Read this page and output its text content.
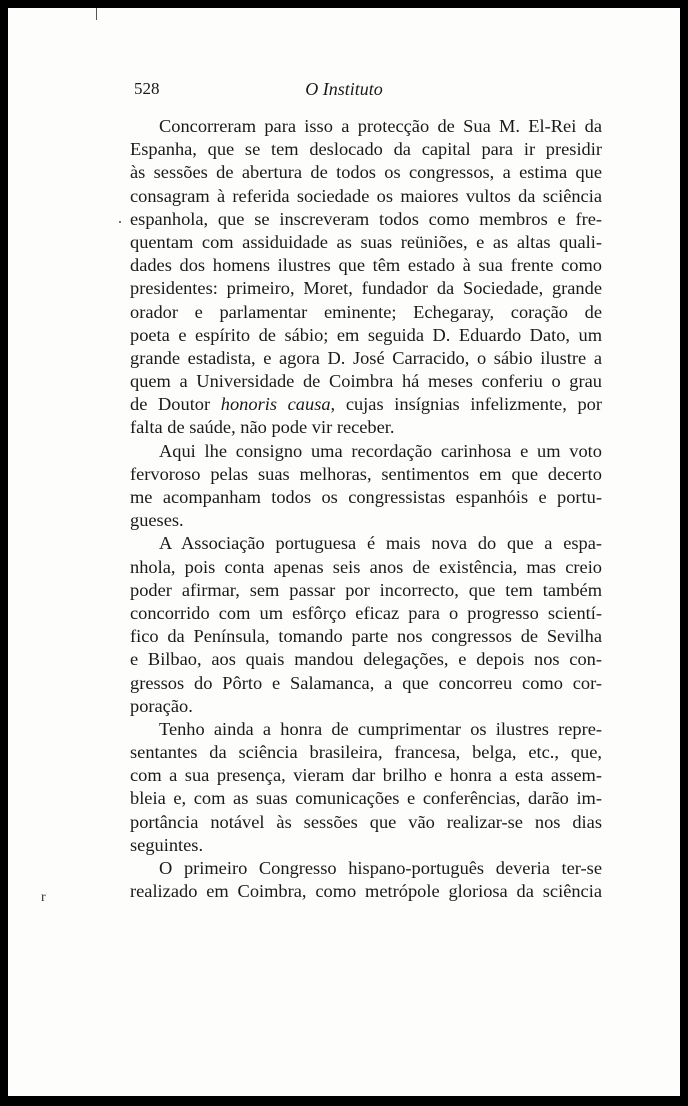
528	O Instituto
Concorreram para isso a protecção de Sua M. El-Rei da
Espanha, que se tem deslocado da capital para ir presidir
às sessões de abertura de todos os congressos, a estima que
consagram à referida sociedade os maiores vultos da sciência
espanhola, que se inscreveram todos como membros e fre-
quentam com assiduidade as suas reüniões, e as altas quali-
dades dos homens ilustres que têm estado à sua frente como
presidentes: primeiro, Moret, fundador da Sociedade, grande
orador e parlamentar eminente; Echegaray, coração de
poeta e espírito de sábio; em seguida D. Eduardo Dato, um
grande estadista, e agora D. José Carracido, o sábio ilustre a
quem a Universidade de Coimbra há meses conferiu o grau
de Doutor honoris causa, cujas insígnias infelizmente, por
falta de saúde, não pode vir receber.
Aqui lhe consigno uma recordação carinhosa e um voto
fervoroso pelas suas melhoras, sentimentos em que decerto
me acompanham todos os congressistas espanhóis e portu-
gueses.
A Associação portuguesa é mais nova do que a espa-
nhola, pois conta apenas seis anos de existência, mas creio
poder afirmar, sem passar por incorrecto, que tem também
concorrido com um esfôrço eficaz para o progresso scientí-
fico da Península, tomando parte nos congressos de Sevilha
e Bilbao, aos quais mandou delegações, e depois nos con-
gressos do Pôrto e Salamanca, a que concorreu como cor-
poração.
Tenho ainda a honra de cumprimentar os ilustres repre-
sentantes da sciência brasileira, francesa, belga, etc., que,
com a sua presença, vieram dar brilho e honra a esta assem-
bleia e, com as suas comunicações e conferências, darão im-
portância notável às sessões que vão realizar-se nos dias
seguintes.
O primeiro Congresso hispano-português deveria ter-se
realizado em Coimbra, como metrópole gloriosa da sciência
r
